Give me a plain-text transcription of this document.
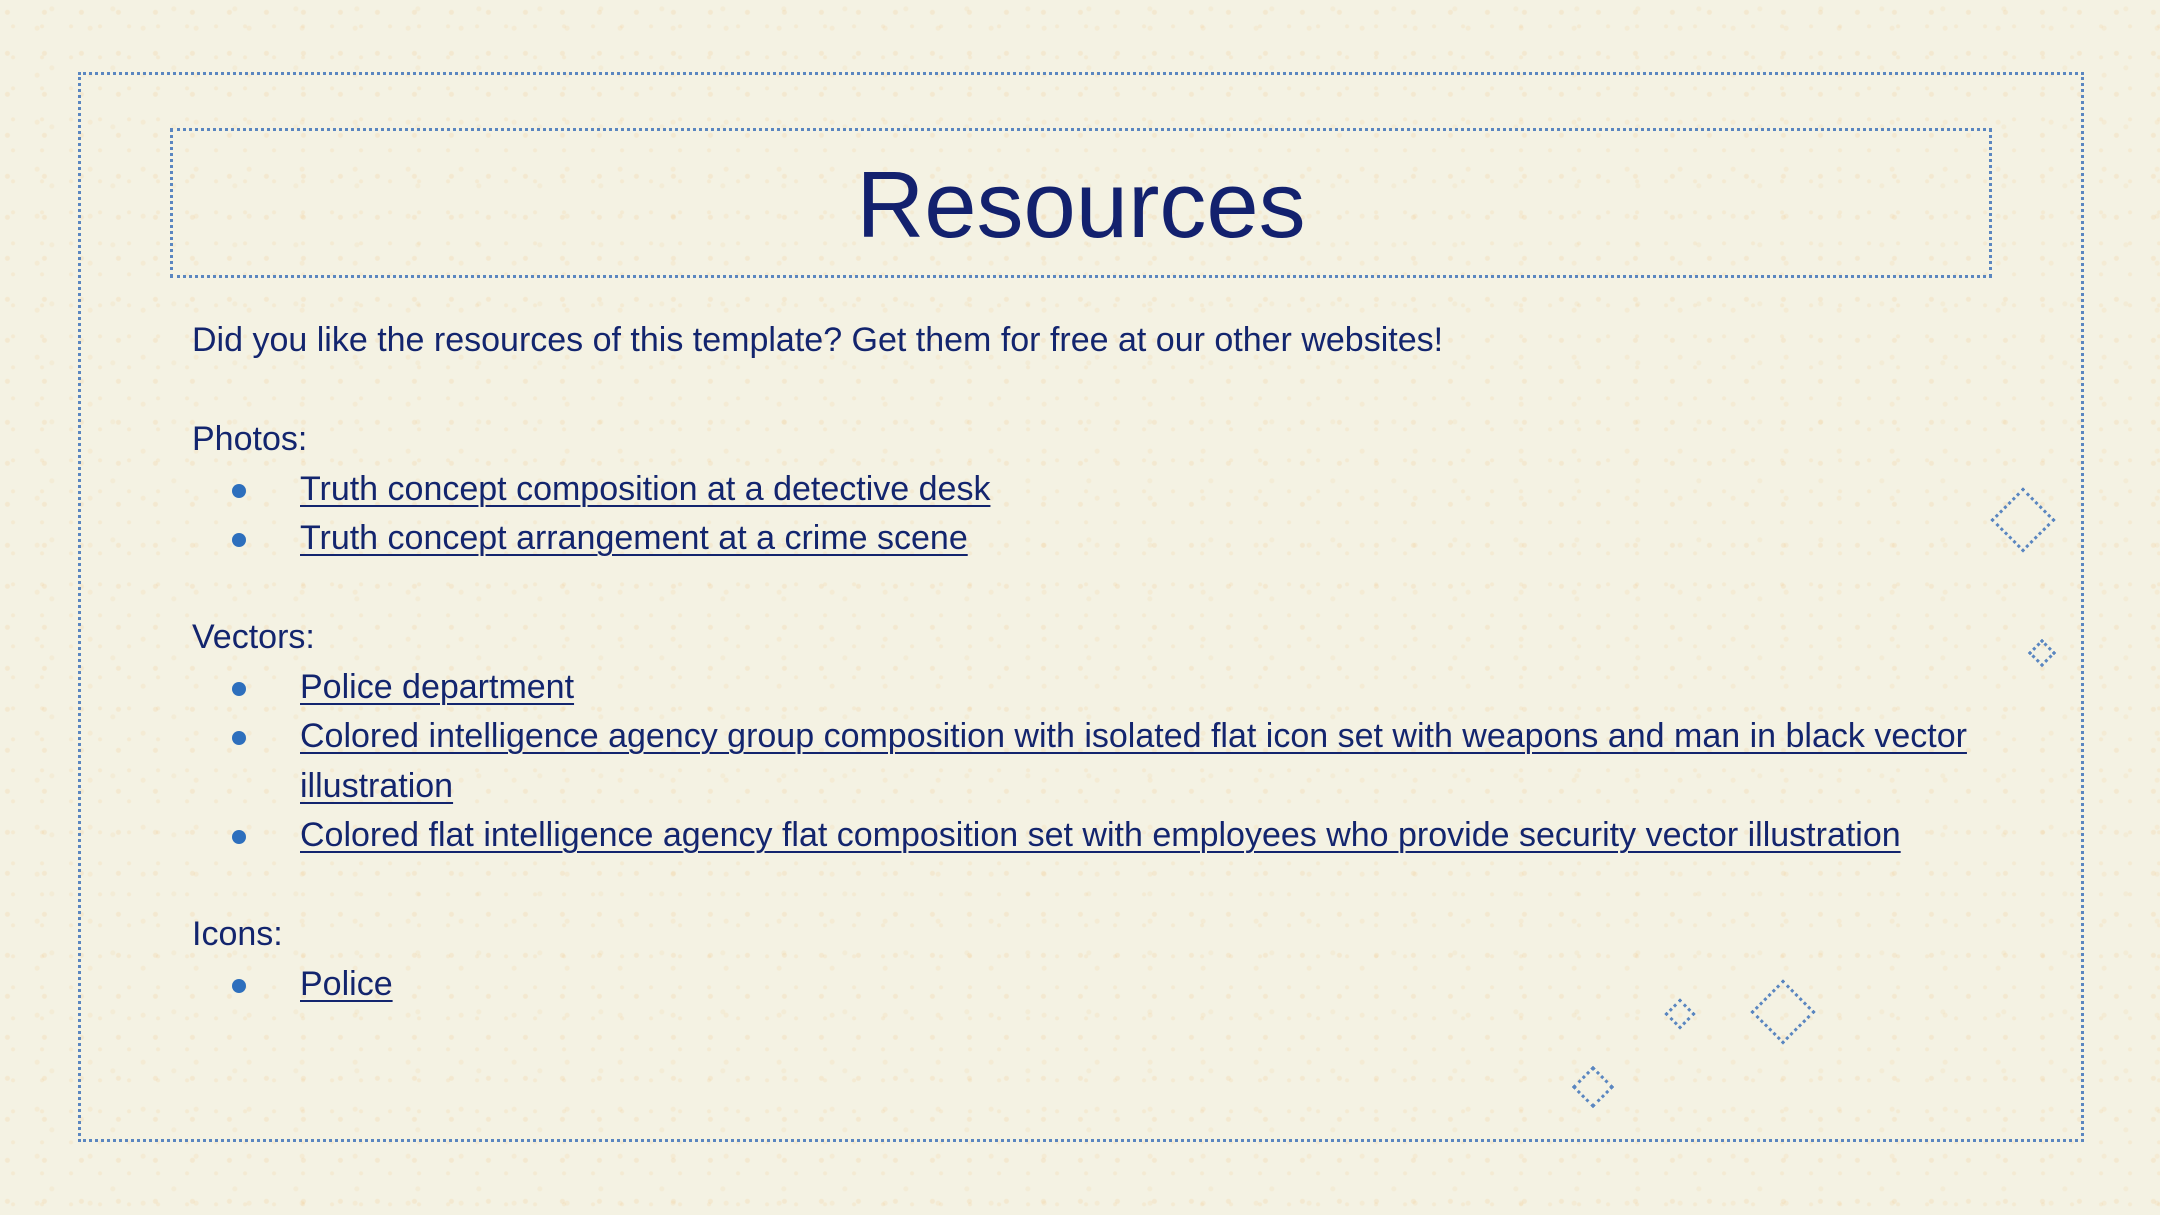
Resources

Did you like the resources of this template? Get them for free at our other websites!

Photos:

Truth concept composition at a detective desk
Truth concept arrangement at a crime scene

Vectors:

Police department
Colored intelligence agency group composition with isolated flat icon set with weapons and man in black vector illustration
Colored flat intelligence agency flat composition set with employees who provide security vector illustration

Icons:

Police
